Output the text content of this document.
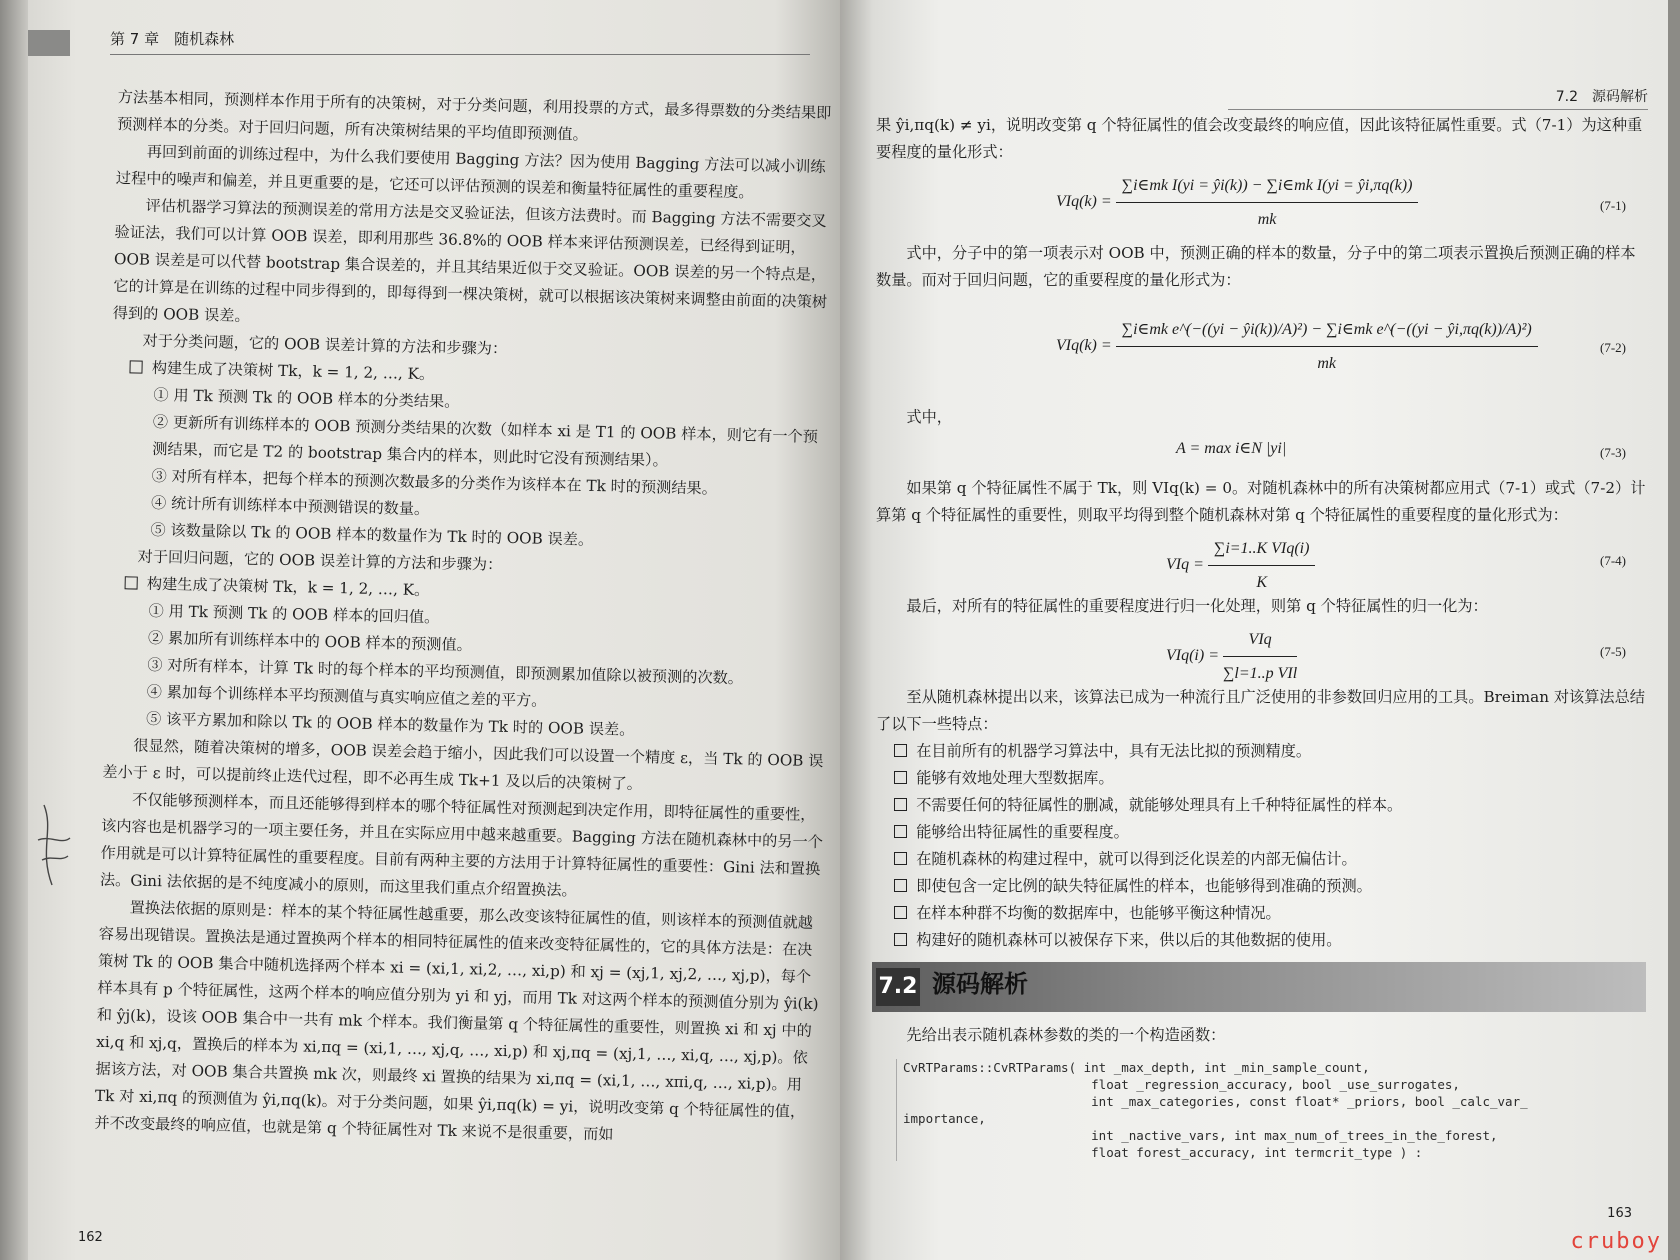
第 7 章　随机森林

方法基本相同，预测样本作用于所有的决策树，对于分类问题，利用投票的方式，最多得票数的分类结果即预测样本的分类。对于回归问题，所有决策树结果的平均值即预测值。

再回到前面的训练过程中，为什么我们要使用 Bagging 方法？因为使用 Bagging 方法可以减小训练过程中的噪声和偏差，并且更重要的是，它还可以评估预测的误差和衡量特征属性的重要程度。

评估机器学习算法的预测误差的常用方法是交叉验证法，但该方法费时。而 Bagging 方法不需要交叉验证法，我们可以计算 OOB 误差，即利用那些 36.8%的 OOB 样本来评估预测误差，已经得到证明，OOB 误差是可以代替 bootstrap 集合误差的，并且其结果近似于交叉验证。OOB 误差的另一个特点是，它的计算是在训练的过程中同步得到的，即每得到一棵决策树，就可以根据该决策树来调整由前面的决策树得到的 OOB 误差。

对于分类问题，它的 OOB 误差计算的方法和步骤为：

构建生成了决策树 Tk，k = 1, 2, …, K。

① 用 Tk 预测 Tk 的 OOB 样本的分类结果。

② 更新所有训练样本的 OOB 预测分类结果的次数（如样本 xi 是 T1 的 OOB 样本，则它有一个预测结果，而它是 T2 的 bootstrap 集合内的样本，则此时它没有预测结果）。

③ 对所有样本，把每个样本的预测次数最多的分类作为该样本在 Tk 时的预测结果。

④ 统计所有训练样本中预测错误的数量。

⑤ 该数量除以 Tk 的 OOB 样本的数量作为 Tk 时的 OOB 误差。

对于回归问题，它的 OOB 误差计算的方法和步骤为：

构建生成了决策树 Tk，k = 1, 2, …, K。

① 用 Tk 预测 Tk 的 OOB 样本的回归值。

② 累加所有训练样本中的 OOB 样本的预测值。

③ 对所有样本，计算 Tk 时的每个样本的平均预测值，即预测累加值除以被预测的次数。

④ 累加每个训练样本平均预测值与真实响应值之差的平方。

⑤ 该平方累加和除以 Tk 的 OOB 样本的数量作为 Tk 时的 OOB 误差。

很显然，随着决策树的增多，OOB 误差会趋于缩小，因此我们可以设置一个精度 ε，当 Tk 的 OOB 误差小于 ε 时，可以提前终止迭代过程，即不必再生成 Tk+1 及以后的决策树了。

不仅能够预测样本，而且还能够得到样本的哪个特征属性对预测起到决定作用，即特征属性的重要性，该内容也是机器学习的一项主要任务，并且在实际应用中越来越重要。Bagging 方法在随机森林中的另一个作用就是可以计算特征属性的重要程度。目前有两种主要的方法用于计算特征属性的重要性：Gini 法和置换法。Gini 法依据的是不纯度减小的原则，而这里我们重点介绍置换法。

置换法依据的原则是：样本的某个特征属性越重要，那么改变该特征属性的值，则该样本的预测值就越容易出现错误。置换法是通过置换两个样本的相同特征属性的值来改变特征属性的，它的具体方法是：在决策树 Tk 的 OOB 集合中随机选择两个样本 xi = (xi,1, xi,2, …, xi,p) 和 xj = (xj,1, xj,2, …, xj,p)，每个样本具有 p 个特征属性，这两个样本的响应值分别为 yi 和 yj，而用 Tk 对这两个样本的预测值分别为 ŷi(k) 和 ŷj(k)，设该 OOB 集合中一共有 mk 个样本。我们衡量第 q 个特征属性的重要性，则置换 xi 和 xj 中的 xi,q 和 xj,q，置换后的样本为 xi,πq = (xi,1, …, xj,q, …, xi,p) 和 xj,πq = (xj,1, …, xi,q, …, xj,p)。依据该方法，对 OOB 集合共置换 mk 次，则最终 xi 置换的结果为 xi,πq = (xi,1, …, xπi,q, …, xi,p)。用 Tk 对 xi,πq 的预测值为 ŷi,πq(k)。对于分类问题，如果 ŷi,πq(k) = yi，说明改变第 q 个特征属性的值，并不改变最终的响应值，也就是第 q 个特征属性对 Tk 来说不是很重要，而如

162
7.2　源码解析

果 ŷi,πq(k) ≠ yi，说明改变第 q 个特征属性的值会改变最终的响应值，因此该特征属性重要。式（7-1）为这种重要程度的量化形式：

$VIq(k) = \frac{\text{∑i∈mk I(yi = ŷi(k)) − ∑i∈mk I(yi = ŷi,πq(k))}}{mk}$	(7-1)

式中，分子中的第一项表示对 OOB 中，预测正确的样本的数量，分子中的第二项表示置换后预测正确的样本数量。而对于回归问题，它的重要程度的量化形式为：

VIq(k) =
∑i∈mk e^(−((yi − ŷi(k))/A)²) − ∑i∈mk e^(−((yi − ŷi,πq(k))/A)²)
mk
(7-2)

式中，

A = max i∈N |yi|	(7-3)

如果第 q 个特征属性不属于 Tk，则 VIq(k) = 0。对随机森林中的所有决策树都应用式（7-1）或式（7-2）计算第 q 个特征属性的重要性，则取平均得到整个随机森林对第 q 个特征属性的重要程度的量化形式为：

VIq = $\frac{\text{∑i=1..K VIq(i)}}{K}$	(7-4)

最后，对所有的特征属性的重要程度进行归一化处理，则第 q 个特征属性的归一化为：

$VIq(i) = \frac{\text{VIq}}{\text{∑l=1..p VIl}}$	(7-5)

至从随机森林提出以来，该算法已成为一种流行且广泛使用的非参数回归应用的工具。Breiman 对该算法总结了以下一些特点：

在目前所有的机器学习算法中，具有无法比拟的预测精度。

能够有效地处理大型数据库。

不需要任何的特征属性的删减，就能够处理具有上千种特征属性的样本。

能够给出特征属性的重要程度。

在随机森林的构建过程中，就可以得到泛化误差的内部无偏估计。

即使包含一定比例的缺失特征属性的样本，也能够得到准确的预测。

在样本种群不均衡的数据库中，也能够平衡这种情况。

构建好的随机森林可以被保存下来，供以后的其他数据的使用。

7.2 源码解析

先给出表示随机森林参数的类的一个构造函数：

CvRTParams::CvRTParams( int _max_depth, int _min_sample_count,
float _regression_accuracy, bool _use_surrogates,
int _max_categories, const float* _priors, bool _calc_var_
importance,
int _nactive_vars, int max_num_of_trees_in_the_forest,
float forest_accuracy, int termcrit_type ) :
163
cruboy
